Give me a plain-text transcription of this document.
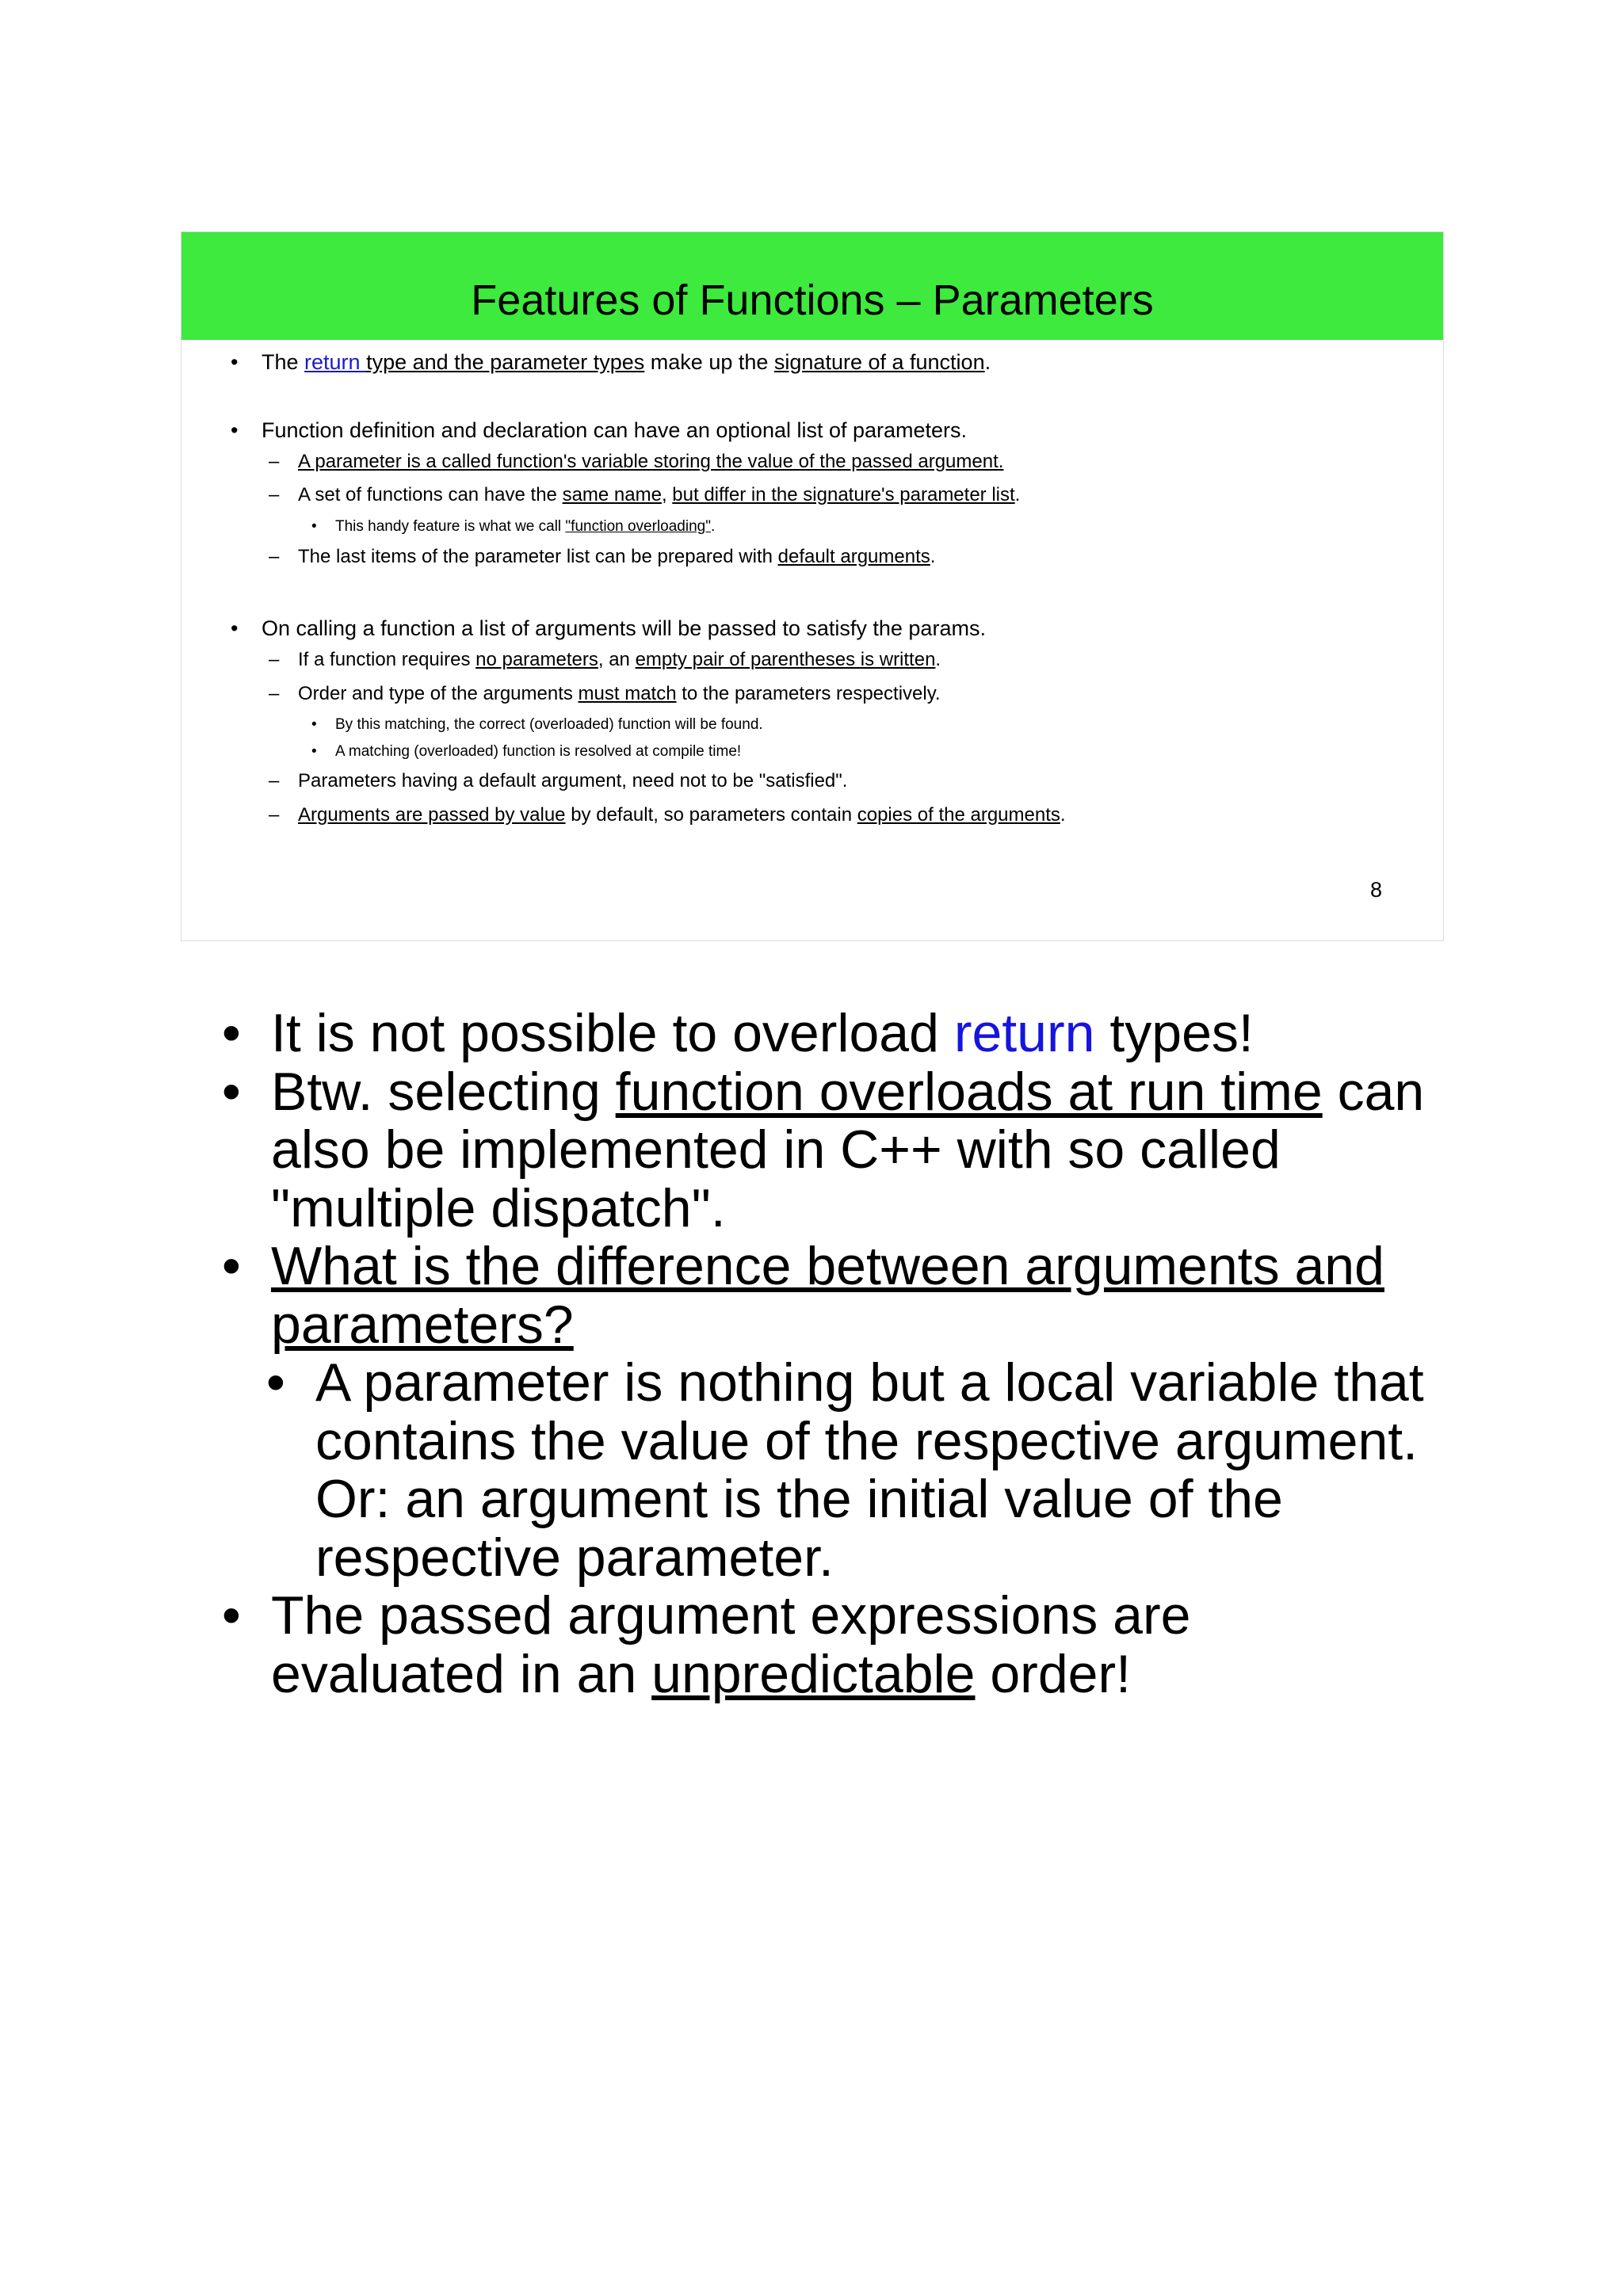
Features of Functions – Parameters
• The return type and the parameter types make up the signature of a function.
• Function definition and declaration can have an optional list of parameters.
– A parameter is a called function's variable storing the value of the passed argument.
– A set of functions can have the same name, but differ in the signature's parameter list.
• This handy feature is what we call "function overloading".
– The last items of the parameter list can be prepared with default arguments.
• On calling a function a list of arguments will be passed to satisfy the params.
– If a function requires no parameters, an empty pair of parentheses is written.
– Order and type of the arguments must match to the parameters respectively.
• By this matching, the correct (overloaded) function will be found.
• A matching (overloaded) function is resolved at compile time!
– Parameters having a default argument, need not to be "satisfied".
– Arguments are passed by value by default, so parameters contain copies of the arguments.
8
• It is not possible to overload return types!
• Btw. selecting function overloads at run time can also be implemented in C++ with so called "multiple dispatch".
• What is the difference between arguments and parameters?
• A parameter is nothing but a local variable that contains the value of the respective argument. Or: an argument is the initial value of the respective parameter.
• The passed argument expressions are evaluated in an unpredictable order!
